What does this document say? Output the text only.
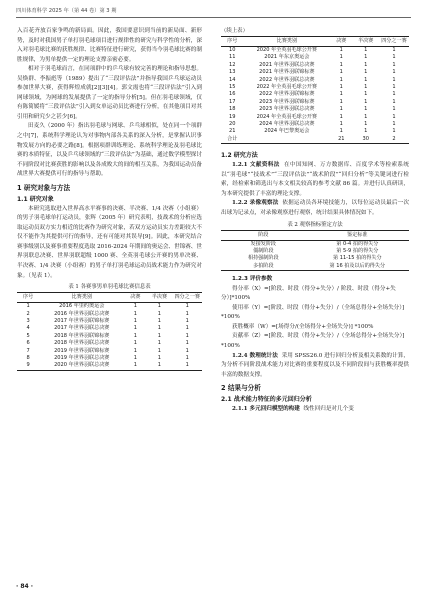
四川体育科学 2025 年（第 44 卷）第 3 期

入百花齐放百家争鸣的新局面。因此，我国要意识到当前的新局面、新形势，及时对我国男子单打羽毛球项目进行规律性的研究与科学性的分析，深入对羽毛球比赛的获胜规律、比赛特征进行研究，获得当今羽毛球比赛的制胜规律，为男单提供一定的理论支撑亲密必要。

相对于羽毛球而言，在同项群中的乒乓球有较完善的理论和指导思想。吴焕群、李振彪等（1989）提出了“三段评估法”并指导我国乒乓球运动员参加世界大赛，获得辉煌成就[2][3][4]。郭文霞也将“三段评估法”引入到网球领域，为网球的发展提供了一定的指导分析[5]。但在羽毛球领域，仅有陈简媛将“三段评估法”引入到女单运动员比赛进行分析，在其他项目对其引用和研究少之甚少[6]。

田麦久（2000 年）指出羽毛球与网球、乒乓球相似，处在同一个项群之中[7]，系统科学理论认为对事物内部各关系的深入分析，是掌握认识事物发展方向的必要之路[8]。根据项群训练理论、系统科学理论及羽毛球比赛的本质特征，以及乒乓球领域的“三段评估法”为基础，通过数学模型探讨不同阶段对比赛获胜的影响以及各成败大的间的相互关系，为我国运动员备战世界大赛提供可行的指导与帮助。

1 研究对象与方法
1.1 研究对象

本研究选取进入世界高水平赛事的决赛、半决赛、1/4 决赛（小组赛）的男子羽毛球单打运动员，张辉（2005 年）研究表明，技战术的分析应选取运动员双方实力相近的比赛作为研究对象，若双方运动员实力差距较大不仅不能作为其提供可行的指导，还有可能对其误导[9]。因此，本研究结合赛事级别以及赛事重要程度选取 2016-2024 年期间的奥运会、世锦赛、世界羽联总决赛、世界羽联超级 1000 赛、全英羽毛球公开赛的男单决赛、半决赛、1/4 决赛（小组赛）的男子单打羽毛球运动员战术能力作为研究对象。（见表 1）。

表 1 各赛事男单羽毛球比赛信息表
序号	比赛类别	决赛	半决赛	四分之一赛
1	2016 年里约奥运会	1	1	1
2	2016 年世界羽联总决赛	1	1	1
3	2017 年世界羽联锦标赛	1	1	1
4	2017 年世界羽联总决赛	1	1	1
5	2018 年世界羽联锦标赛	1	1	1
6	2018 年世界羽联总决赛	1	1	1
7	2019 年世界羽联锦标赛	1	1	1
8	2019 年世界羽联总决赛	1	1	1
9	2020 年世界羽联总决赛	1	1	1
（续上表）
序号	比赛类别	决赛	半决赛	四分之一赛
10	2020 年全英羽毛球公开赛	1	1	1
11	2021 年东京奥运会	1	1	1
12	2021 年世界羽联总决赛	1	1	1
13	2021 年世界羽联锦标赛	1	1	1
14	2022 年世界羽联总决赛	1	1	1
15	2022 年全英羽毛球公开赛	1	1	1
16	2022 年世界羽联锦标赛	1	1	1
17	2023 年世界羽联锦标赛	1	1	1
18	2023 年世界羽联总决赛	1	1	1
19	2024 年全英羽毛球公开赛	1	1	1
20	2024 年世界羽联总决赛	1	1	1
21	2024 年巴黎奥运会	1	1	1
合计		21	30	2
1.2 研究方法

1.2.1 文献资料法 在中国知网、万方数据库、百度学术等检索系统以“羽毛球”“技战术”“三段评估法”“战术阶段”“回归分析”等关键词进行检索，经检索和筛选出与本文相关较高的参考文献 86 篇。并进行认真研读，为本研究提供了丰富的理论支撑。

1.2.2 录像观察法 依据运动员各环境技能力，以每位运动员最后一次出球为记录点，对录像观察进行观察，统计结果具体情况如下。

表 2 观察指标鉴定方法
阶段	鉴定标准
发接发阶段	第 0-4 拍的得失分
僵制阶段	第 5-9 拍的得失分
相持强制阶段	第 11-15 拍的得失分
多拍阶段	第 16 拍及以后的得失分

1.2.3 评价参数

得分率（X）=[阶段、时段（得分+失分）/ 阶段、时段（得分+失分）]*100%

使用率（Y）=[阶段、时段（得分+失分）/（全场总得分+全场失分）] *100%

获胜概率（W）=[场得分/(全场得分+全场失分)] *100%

贡献率（Z）=[阶段、时段（得分+失分）/（全场总得分+全场失分）] *100%

1.2.4 数理统计法 采用 SPSS26.0 进行回归分析及相关系数的计算，为分析不同阶段战术能力对比赛的重要程度以及不同阶段间与获胜概率提供丰富的数据支撑。

2 结果与分析
2.1 战术能力特征的多元回归分析

2.1.1 多元回归模型的构建 线性回归是对几个变

· 84 ·
